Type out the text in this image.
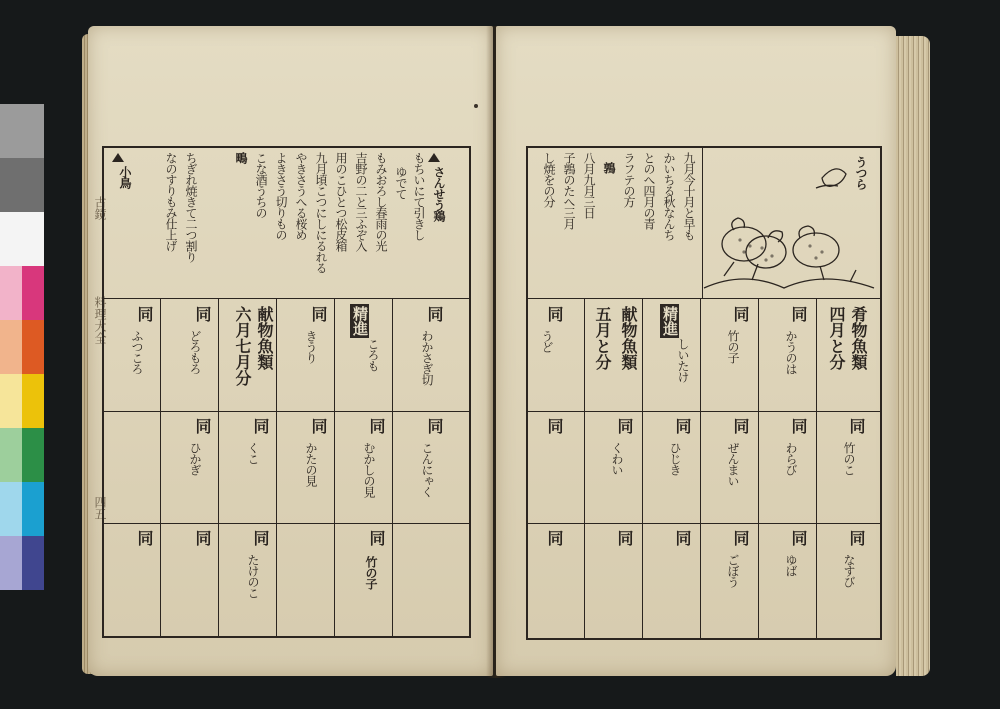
古鏡
料理大全
四五
さんせう鶏
もちいにて引きし
ゆでて
もみおろし春雨の光
吉野の二と三ふぞ入
用のこひとつ松皮箱
九月頃こつにしにるれる
やきさうへる桜め
よきさう切りもの
こな酒うちの
鴫
ちぎれ焼きて二つ割り
なのすりもみ仕上げ
小鳥
同
わかさぎ切
精進
ころも
同
きうり
献物魚類
六月七月分
同
どろもろ
同
ふつころ
同
こんにゃく
同
むかしの見
同
かたの見
同
くこ
同
ひかぎ
同
竹の子
同
たけのこ
同
同
うつら
九月今十月と早も
かいちる秋なんち
とのへ四月の青
ラフテの方
鶉
八月九月三日
子鶉のたへ三月
し焼をの分
肴物魚類
四月と分
同
かうのは
同
竹の子
精進
しいたけ
献物魚類
五月と分
同
うど
同
竹のこ
同
わらび
同
ぜんまい
同
ひじき
同
くわい
同
同
なすび
同
ゆば
同
ごぼう
同
同
同
